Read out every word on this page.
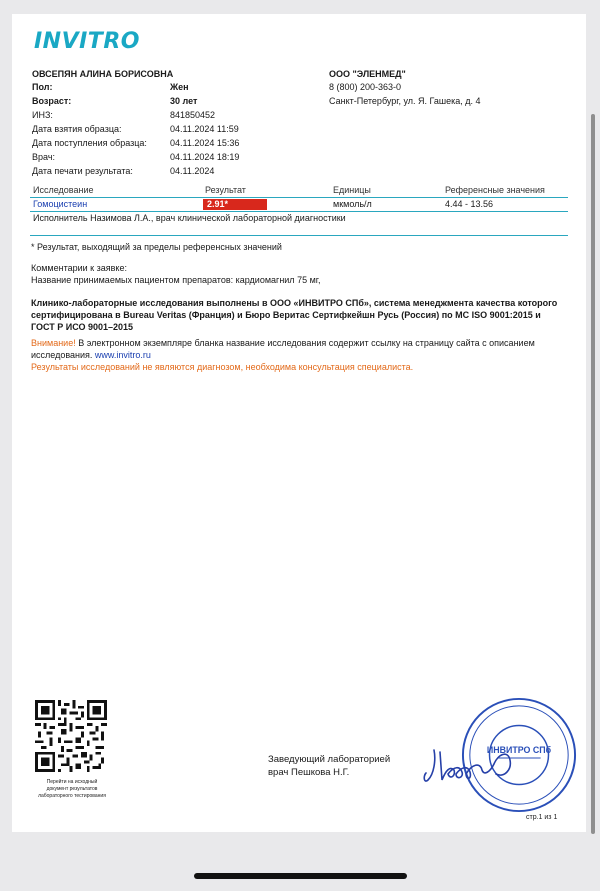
INVITRO
ОВСЕПЯН АЛИНА БОРИСОВНА
Пол:	Жен
Возраст:	30 лет
ИНЗ:	841850452
Дата взятия образца:	04.11.2024 11:59
Дата поступления образца:	04.11.2024 15:36
Врач:	04.11.2024 18:19
Дата печати результата:	04.11.2024
ООО "ЭЛЕНМЕД"
8 (800) 200-363-0
Санкт-Петербург, ул. Я. Гашека, д. 4
Исследование	Результат	Единицы	Референсные значения
Гомоцистеин	2.91*	мкмоль/л	4.44 - 13.56
Исполнитель Назимова Л.А., врач клинической лабораторной диагностики
* Результат, выходящий за пределы референсных значений
Комментарии к заявке:
Название принимаемых пациентом препаратов: кардиомагнил 75 мг,
Клинико-лабораторные исследования выполнены в ООО «ИНВИТРО СПб», система менеджмента качества которого
сертифицирована в Bureau Veritas (Франция) и Бюро Веритас Сертифкейшн Русь (Россия) по МС ISO 9001:2015 и
ГОСТ Р ИСО 9001–2015
Внимание! В электронном экземпляре бланка название исследования содержит ссылку на страницу сайта с описанием
исследования. www.invitro.ru
Результаты исследований не являются диагнозом, необходима консультация специалиста.
Перейти на исходный
документ результатов
лабораторного тестирования
Заведующий лабораторией
врач Пешкова Н.Г.
ИНВИТРО СПб
стр.1 из 1
